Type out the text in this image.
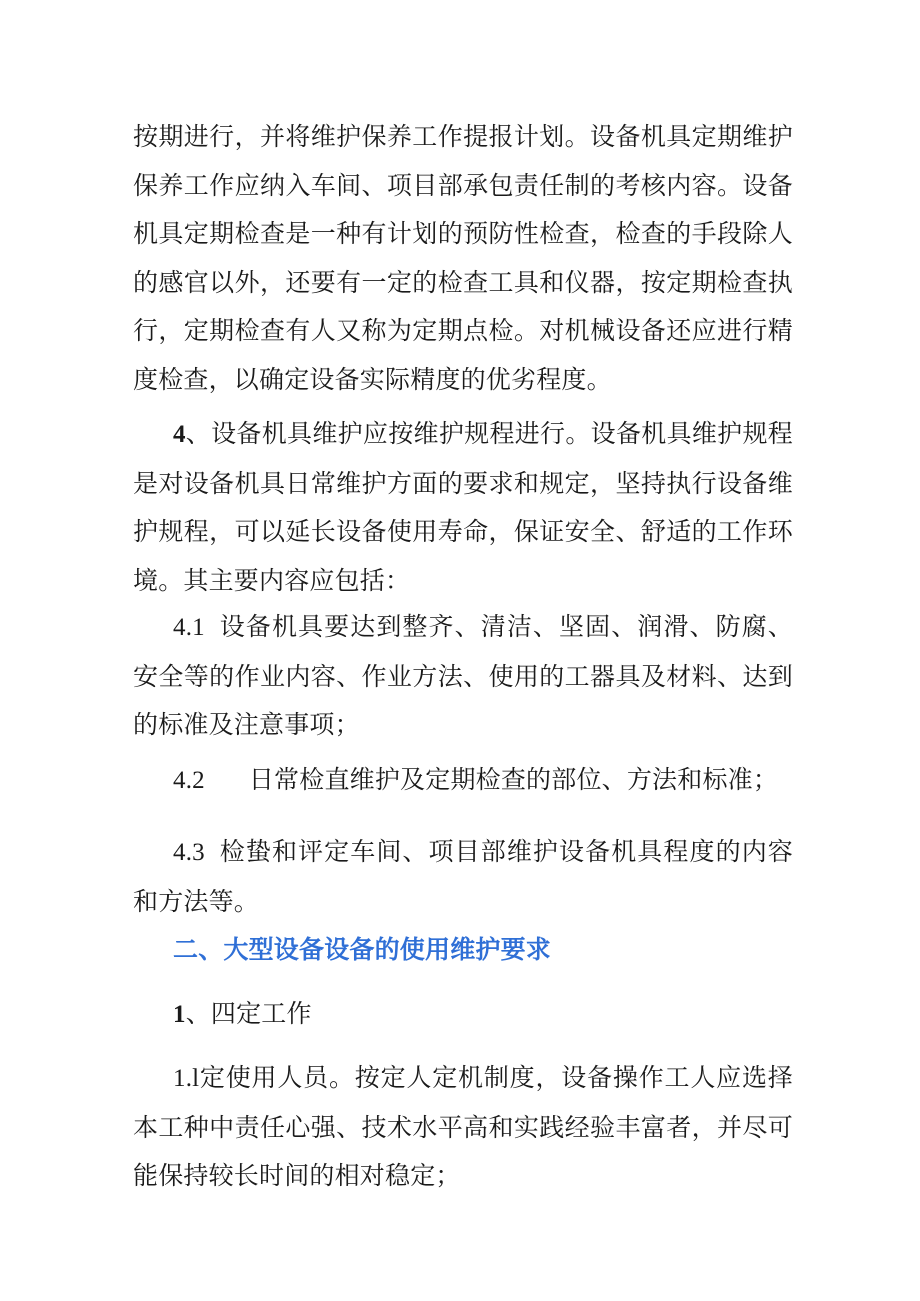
按期进行，并将维护保养工作提报计划。设备机具定期维护保养工作应纳入车间、项目部承包责任制的考核内容。设备机具定期检查是一种有计划的预防性检查，检查的手段除人的感官以外，还要有一定的检查工具和仪器，按定期检查执行，定期检查有人又称为定期点检。对机械设备还应进行精度检查，以确定设备实际精度的优劣程度。

4、设备机具维护应按维护规程进行。设备机具维护规程是对设备机具日常维护方面的要求和规定，坚持执行设备维护规程，可以延长设备使用寿命，保证安全、舒适的工作环境。其主要内容应包括：

4.1 设备机具要达到整齐、清洁、坚固、润滑、防腐、安全等的作业内容、作业方法、使用的工器具及材料、达到的标准及注意事项；

4.2 日常检直维护及定期检查的部位、方法和标准；

4.3 检蛰和评定车间、项目部维护设备机具程度的内容和方法等。

二、大型设备设备的使用维护要求

1、四定工作

1.l定使用人员。按定人定机制度，设备操作工人应选择本工种中责任心强、技术水平高和实践经验丰富者，并尽可能保持较长时间的相对稳定；
